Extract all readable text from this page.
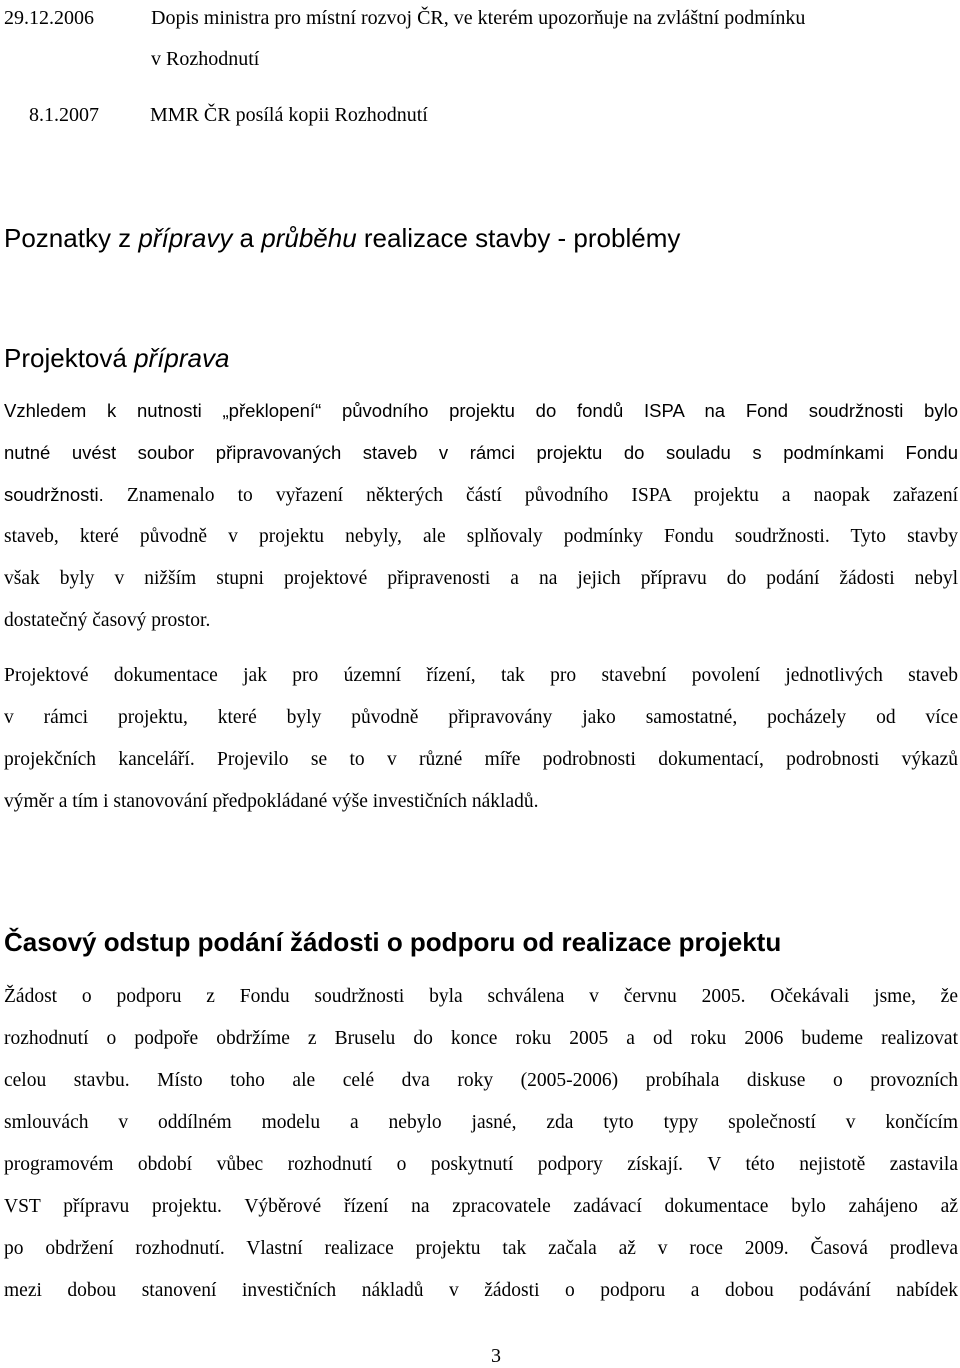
29.12.2006	Dopis ministra pro místní rozvoj ČR, ve kterém upozorňuje na zvláštní podmínku
v Rozhodnutí
8.1.2007	MMR ČR posílá kopii Rozhodnutí
Poznatky z přípravy a průběhu realizace stavby - problémy
Projektová příprava
Vzhledem k nutnosti „překlopení“ původního projektu do fondů ISPA na Fond soudržnosti bylo
nutné uvést soubor připravovaných staveb v rámci projektu do souladu s podmínkami Fondu
soudržnosti. Znamenalo to vyřazení některých částí původního ISPA projektu a naopak zařazení
staveb, které původně v projektu nebyly, ale splňovaly podmínky Fondu soudržnosti. Tyto stavby
však byly v nižším stupni projektové připravenosti a na jejich přípravu do podání žádosti nebyl
dostatečný časový prostor.
Projektové dokumentace jak pro územní řízení, tak pro stavební povolení jednotlivých staveb
v rámci projektu, které byly původně připravovány jako samostatné, pocházely od více
projekčních kanceláří. Projevilo se to v různé míře podrobnosti dokumentací, podrobnosti výkazů
výměr a tím i stanovování předpokládané výše investičních nákladů.
Časový odstup podání žádosti o podporu od realizace projektu
Žádost o podporu z Fondu soudržnosti byla schválena v červnu 2005. Očekávali jsme, že
rozhodnutí o podpoře obdržíme z Bruselu do konce roku 2005 a od roku 2006 budeme realizovat
celou stavbu. Místo toho ale celé dva roky (2005-2006) probíhala diskuse o provozních
smlouvách v oddílném modelu a nebylo jasné, zda tyto typy společností v končícím
programovém období vůbec rozhodnutí o poskytnutí podpory získají. V této nejistotě zastavila
VST přípravu projektu. Výběrové řízení na zpracovatele zadávací dokumentace bylo zahájeno až
po obdržení rozhodnutí. Vlastní realizace projektu tak začala až v roce 2009. Časová prodleva
mezi dobou stanovení investičních nákladů v žádosti o podporu a dobou podávání nabídek
3
